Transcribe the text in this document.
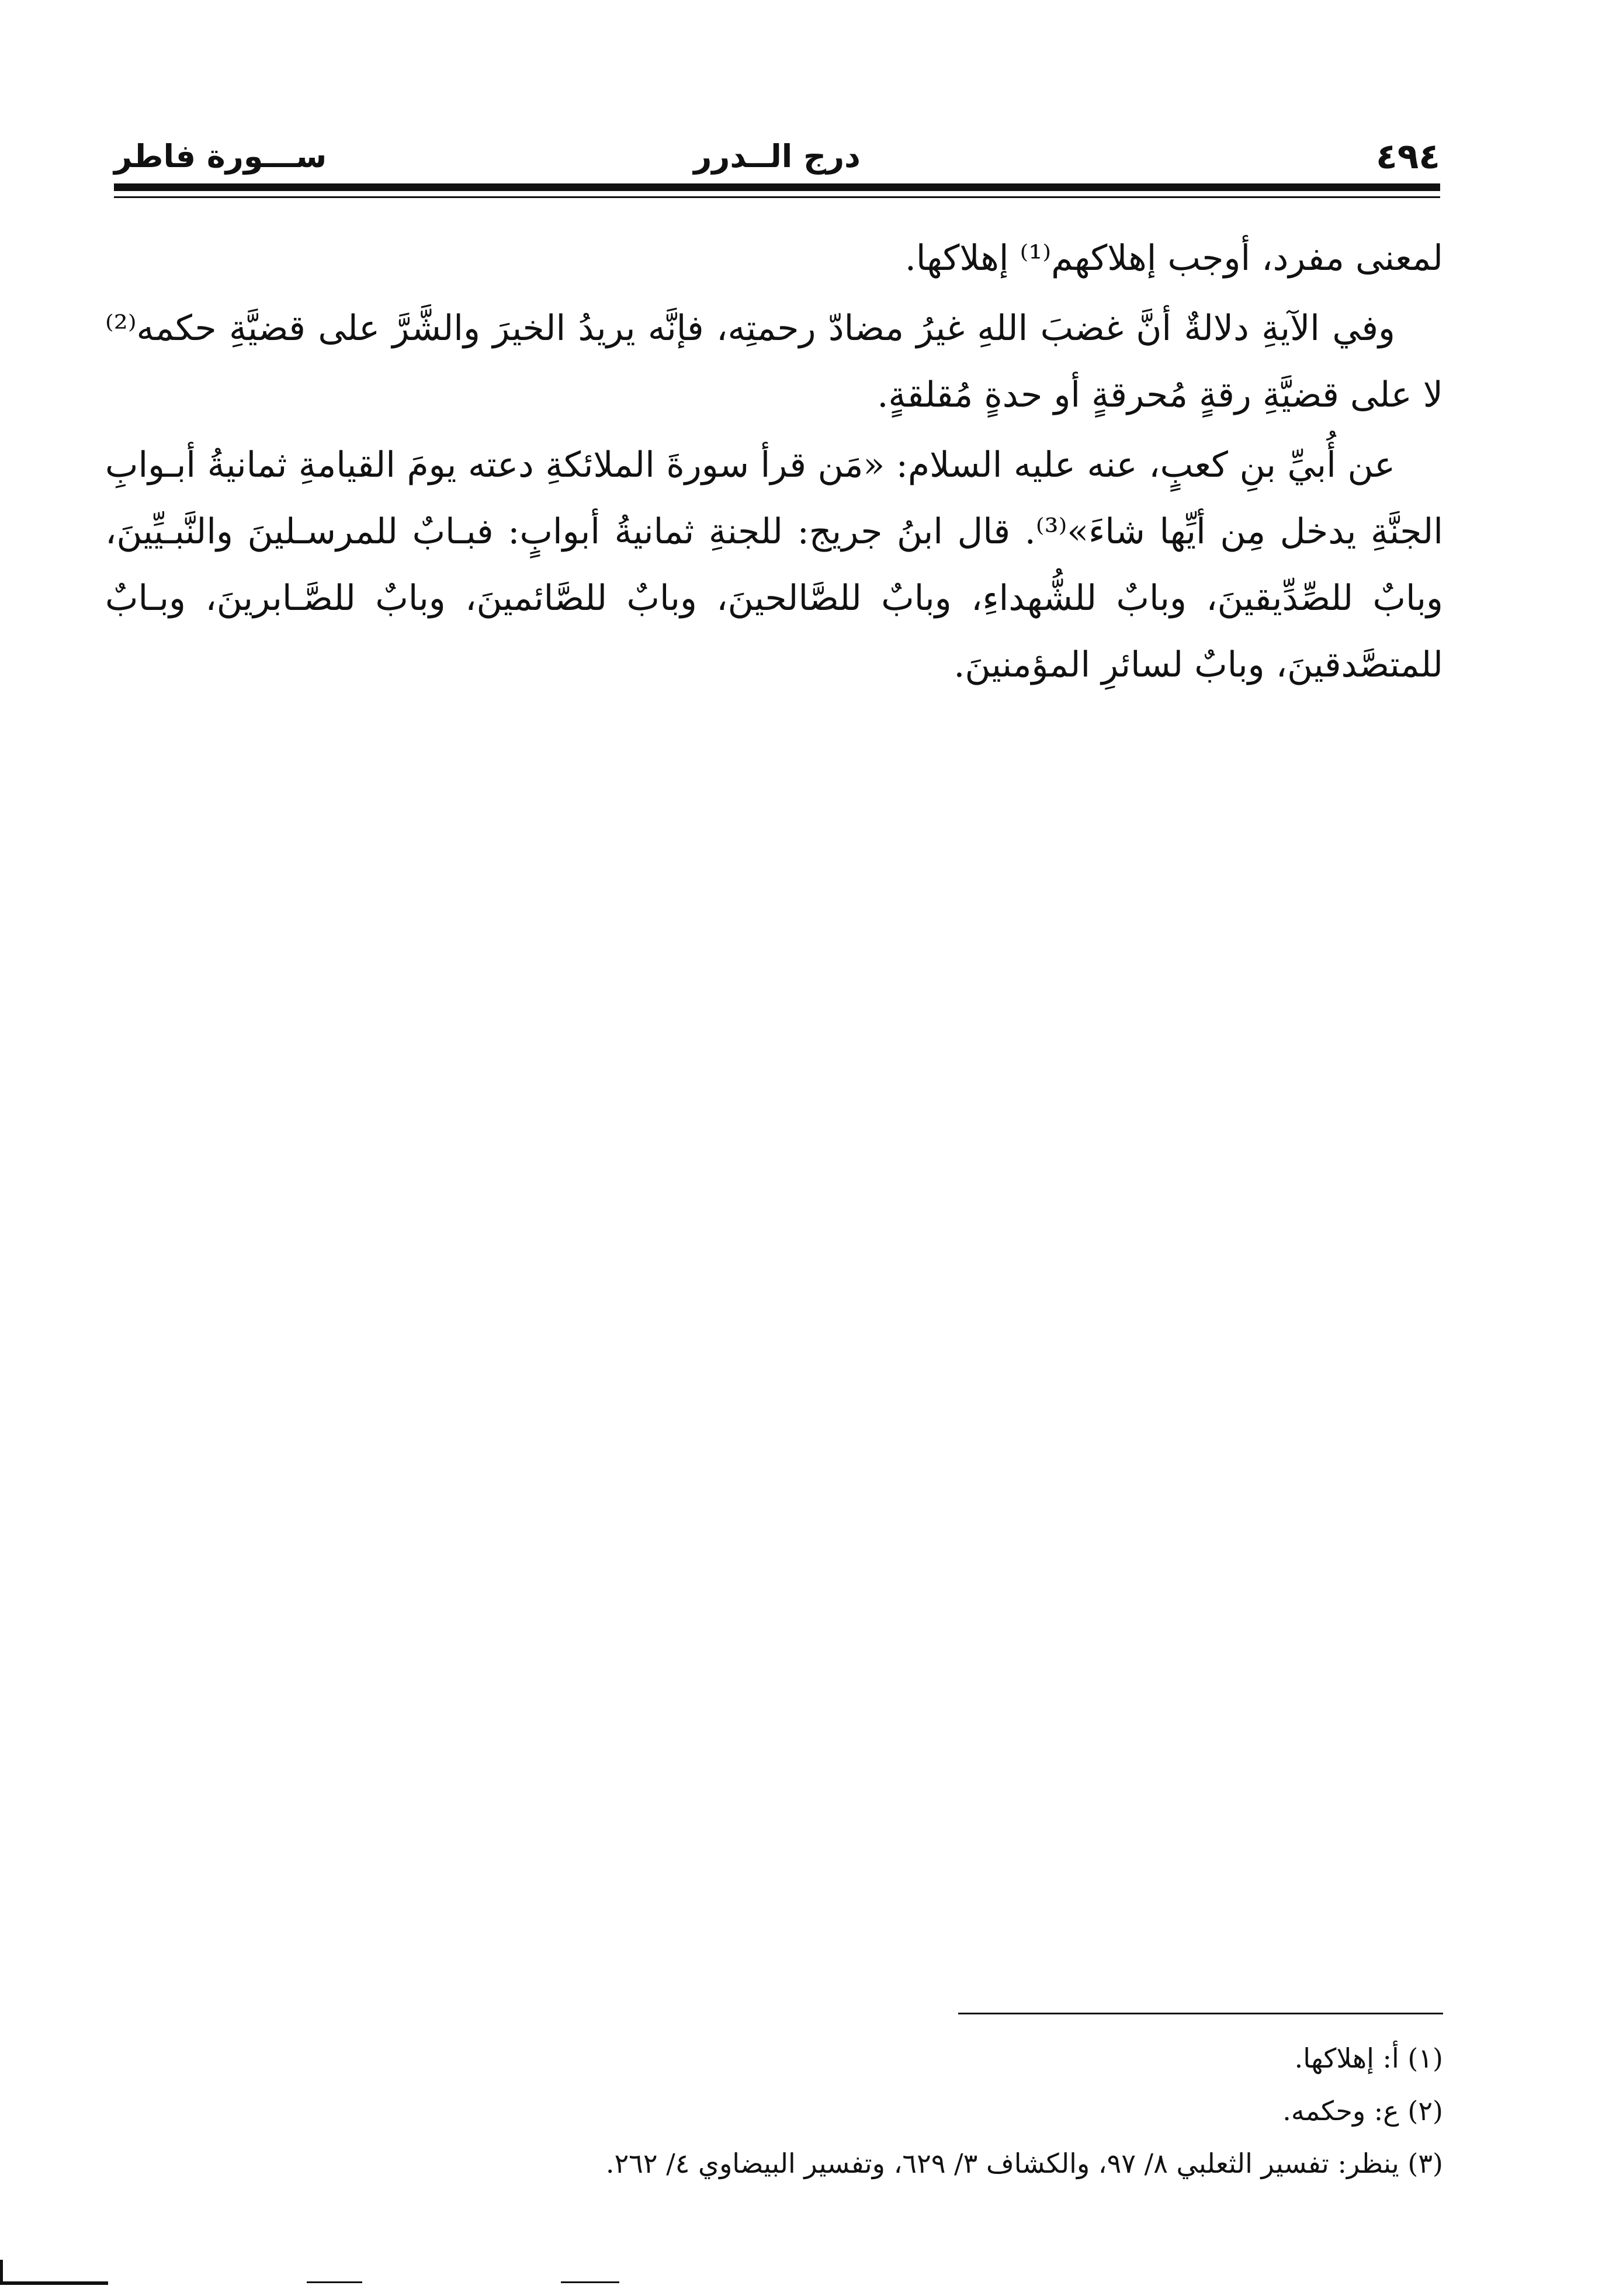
٤٩٤
درج الــدرر
ســـورة فاطر

لمعنى مفرد، أوجب إهلاكهم⁽¹⁾ إهلاكها.

وفي الآيةِ دلالةٌ أنَّ غضبَ اللهِ غيرُ مضادّ رحمتِه، فإنَّه يريدُ الخيرَ والشَّرَّ على قضيَّةِ حكمه⁽²⁾ لا على قضيَّةِ رقةٍ مُحرقةٍ أو حدةٍ مُقلقةٍ.

عن أُبيِّ بنِ كعبٍ، عنه عليه السلام: «مَن قرأ سورةَ الملائكةِ دعته يومَ القيامةِ ثمانيةُ أبـوابِ الجنَّةِ يدخل مِن أيِّها شاءَ»⁽³⁾. قال ابنُ جريج: للجنةِ ثمانيةُ أبوابٍ: فبـابٌ للمرسـلينَ والنَّبـيِّينَ، وبابٌ للصِّدِّيقينَ، وبابٌ للشُّهداءِ، وبابٌ للصَّالحينَ، وبابٌ للصَّائمينَ، وبابٌ للصَّـابرينَ، وبـابٌ للمتصَّدقينَ، وبابٌ لسائرِ المؤمنينَ.

(١) أ: إهلاكها.

(٢) ع: وحكمه.

(٣) ينظر: تفسير الثعلبي ٨/ ٩٧، والكشاف ٣/ ٦٢٩، وتفسير البيضاوي ٤/ ٢٦٢.
